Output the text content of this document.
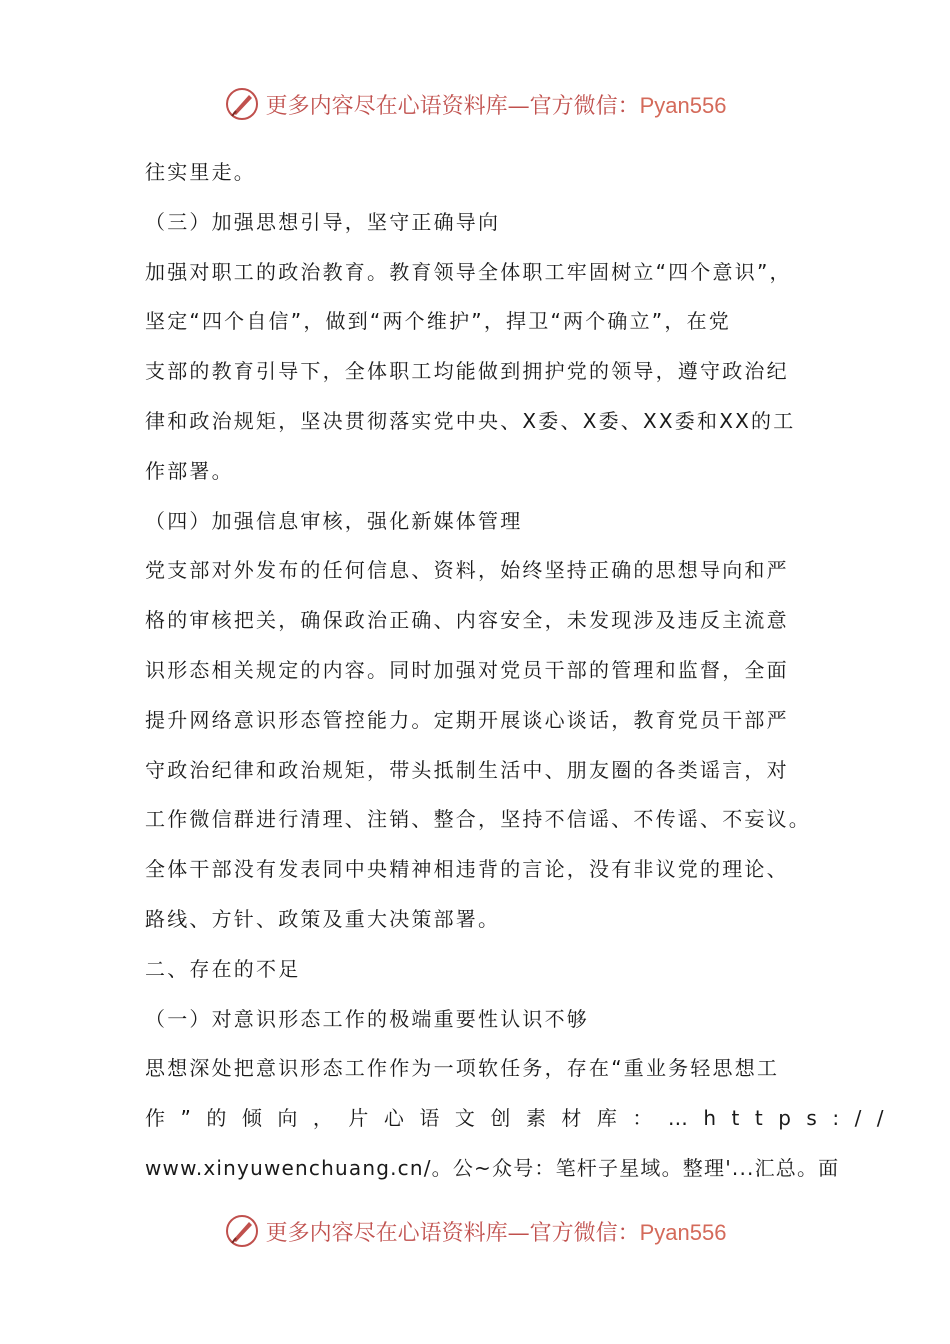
更多内容尽在心语资料库—官方微信：Pyan556
往实里走。
（三）加强思想引导，坚守正确导向
加强对职工的政治教育。教育领导全体职工牢固树立“四个意识”，
坚定“四个自信”，做到“两个维护”，捍卫“两个确立”，在党
支部的教育引导下，全体职工均能做到拥护党的领导，遵守政治纪
律和政治规矩，坚决贯彻落实党中央、X委、X委、XX委和XX的工
作部署。
（四）加强信息审核，强化新媒体管理
党支部对外发布的任何信息、资料，始终坚持正确的思想导向和严
格的审核把关，确保政治正确、内容安全，未发现涉及违反主流意
识形态相关规定的内容。同时加强对党员干部的管理和监督，全面
提升网络意识形态管控能力。定期开展谈心谈话，教育党员干部严
守政治纪律和政治规矩，带头抵制生活中、朋友圈的各类谣言，对
工作微信群进行清理、注销、整合，坚持不信谣、不传谣、不妄议。
全体干部没有发表同中央精神相违背的言论，没有非议党的理论、
路线、方针、政策及重大决策部署。
二、存在的不足
（一）对意识形态工作的极端重要性认识不够
思想深处把意识形态工作作为一项软任务，存在“重业务轻思想工
作”的倾向，片心语文创素材库：…https://
www.xinyuwenchuang.cn/。公~众号：笔杆子星域。整理'...汇总。面
更多内容尽在心语资料库—官方微信：Pyan556
